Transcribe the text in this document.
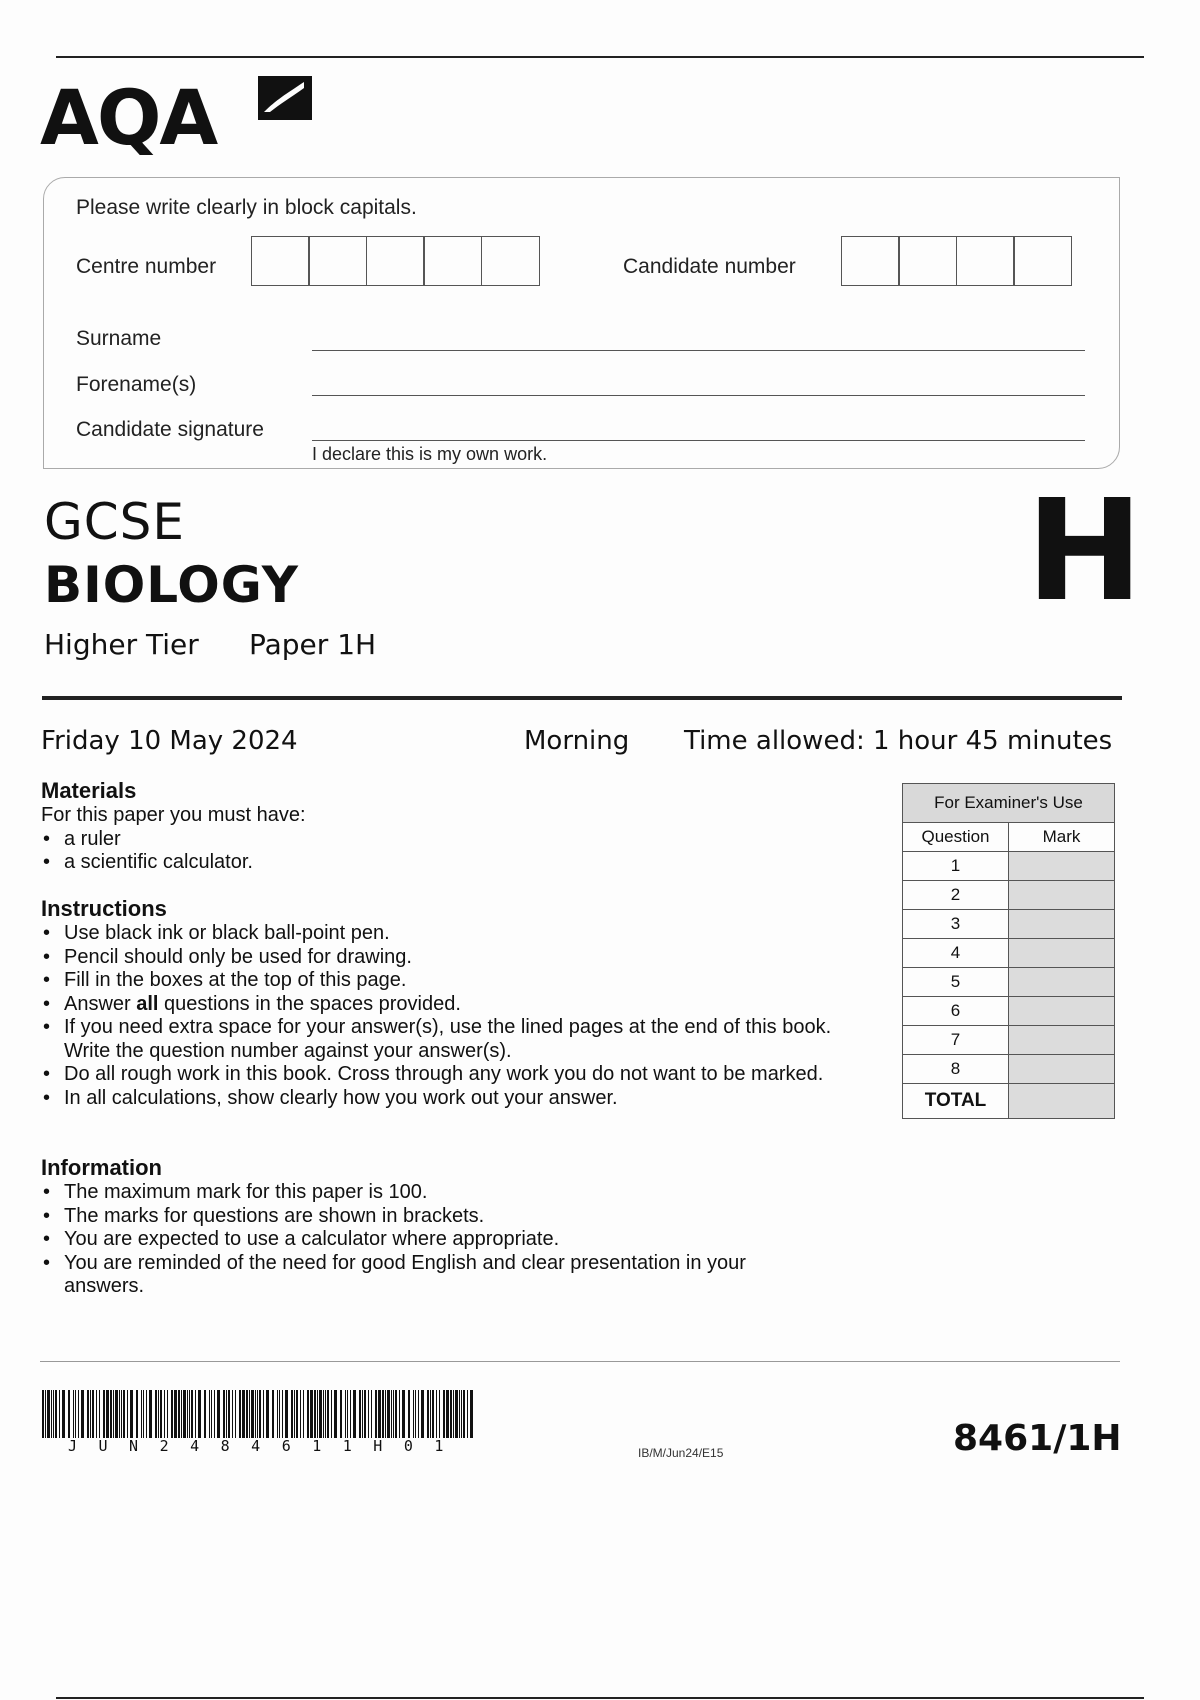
AQA
Please write clearly in block capitals.
Centre number	Candidate number
Surname
Forename(s)
Candidate signature
I declare this is my own work.
GCSE
BIOLOGY
Higher Tier Paper 1H
H
Friday 10 May 2024	Morning Time allowed: 1 hour 45 minutes
Materials
For this paper you must have:
• a ruler
• a scientific calculator.
Instructions
• Use black ink or black ball-point pen.
• Pencil should only be used for drawing.
• Fill in the boxes at the top of this page.
• Answer all questions in the spaces provided.
• If you need extra space for your answer(s), use the lined pages at the end of this book. Write the question number against your answer(s).
• Do all rough work in this book. Cross through any work you do not want to be marked.
• In all calculations, show clearly how you work out your answer.
Information
• The maximum mark for this paper is 100.
• The marks for questions are shown in brackets.
• You are expected to use a calculator where appropriate.
• You are reminded of the need for good English and clear presentation in your answers.
For Examiner's Use	
Question	Mark
1	
2	
3	
4	
5	
6	
7	
8	
TOTAL	
JUN2484611H01	IB/M/Jun24/E15	8461/1H
